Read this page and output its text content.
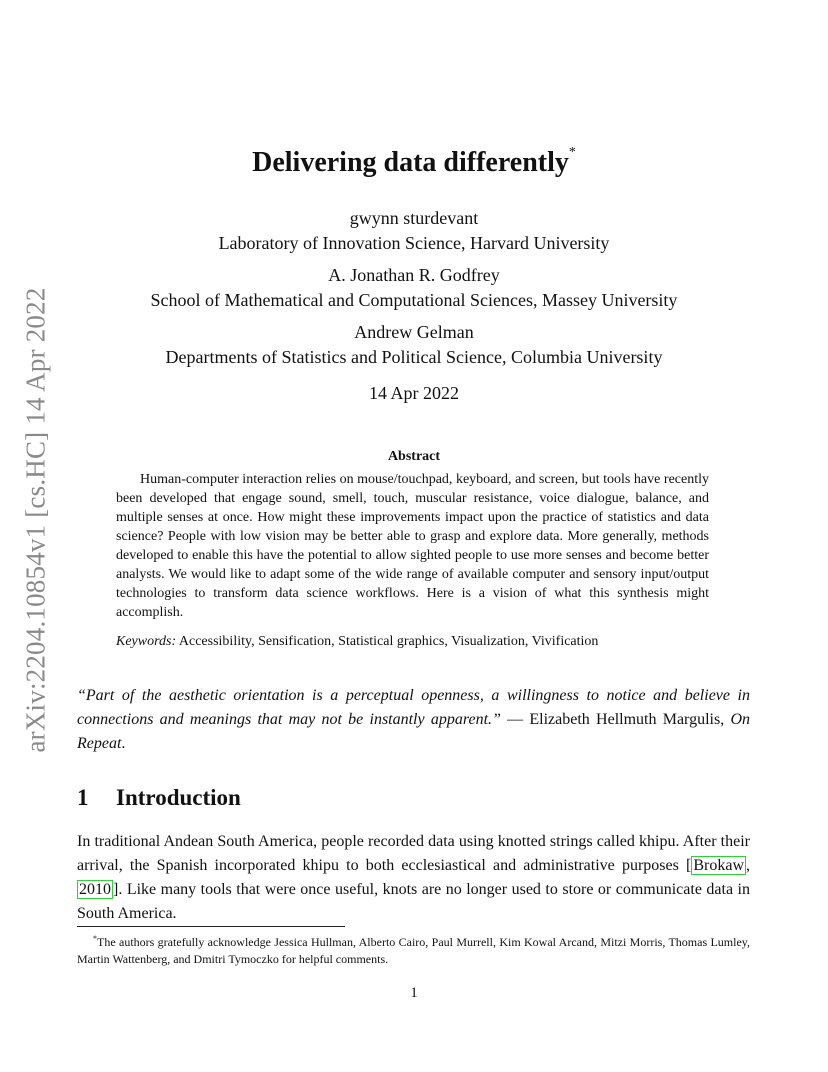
arXiv:2204.10854v1 [cs.HC] 14 Apr 2022
Delivering data differently*
gwynn sturdevant
Laboratory of Innovation Science, Harvard University
A. Jonathan R. Godfrey
School of Mathematical and Computational Sciences, Massey University
Andrew Gelman
Departments of Statistics and Political Science, Columbia University
14 Apr 2022
Abstract

Human-computer interaction relies on mouse/touchpad, keyboard, and screen, but tools have recently been developed that engage sound, smell, touch, muscular resistance, voice dialogue, balance, and multiple senses at once. How might these improvements impact upon the practice of statistics and data science? People with low vision may be better able to grasp and explore data. More generally, methods developed to enable this have the potential to allow sighted people to use more senses and become better analysts. We would like to adapt some of the wide range of available computer and sensory input/output technologies to transform data science workflows. Here is a vision of what this synthesis might accomplish.

Keywords: Accessibility, Sensification, Statistical graphics, Visualization, Vivification

“Part of the aesthetic orientation is a perceptual openness, a willingness to notice and believe in connections and meanings that may not be instantly apparent.” — Elizabeth Hellmuth Margulis, On Repeat.

1 Introduction

In traditional Andean South America, people recorded data using knotted strings called khipu. After their arrival, the Spanish incorporated khipu to both ecclesiastical and administrative purposes [ Brokaw , 2010 ]. Like many tools that were once useful, knots are no longer used to store or communicate data in South America.

*The authors gratefully acknowledge Jessica Hullman, Alberto Cairo, Paul Murrell, Kim Kowal Arcand, Mitzi Morris, Thomas Lumley, Martin Wattenberg, and Dmitri Tymoczko for helpful comments.

1
